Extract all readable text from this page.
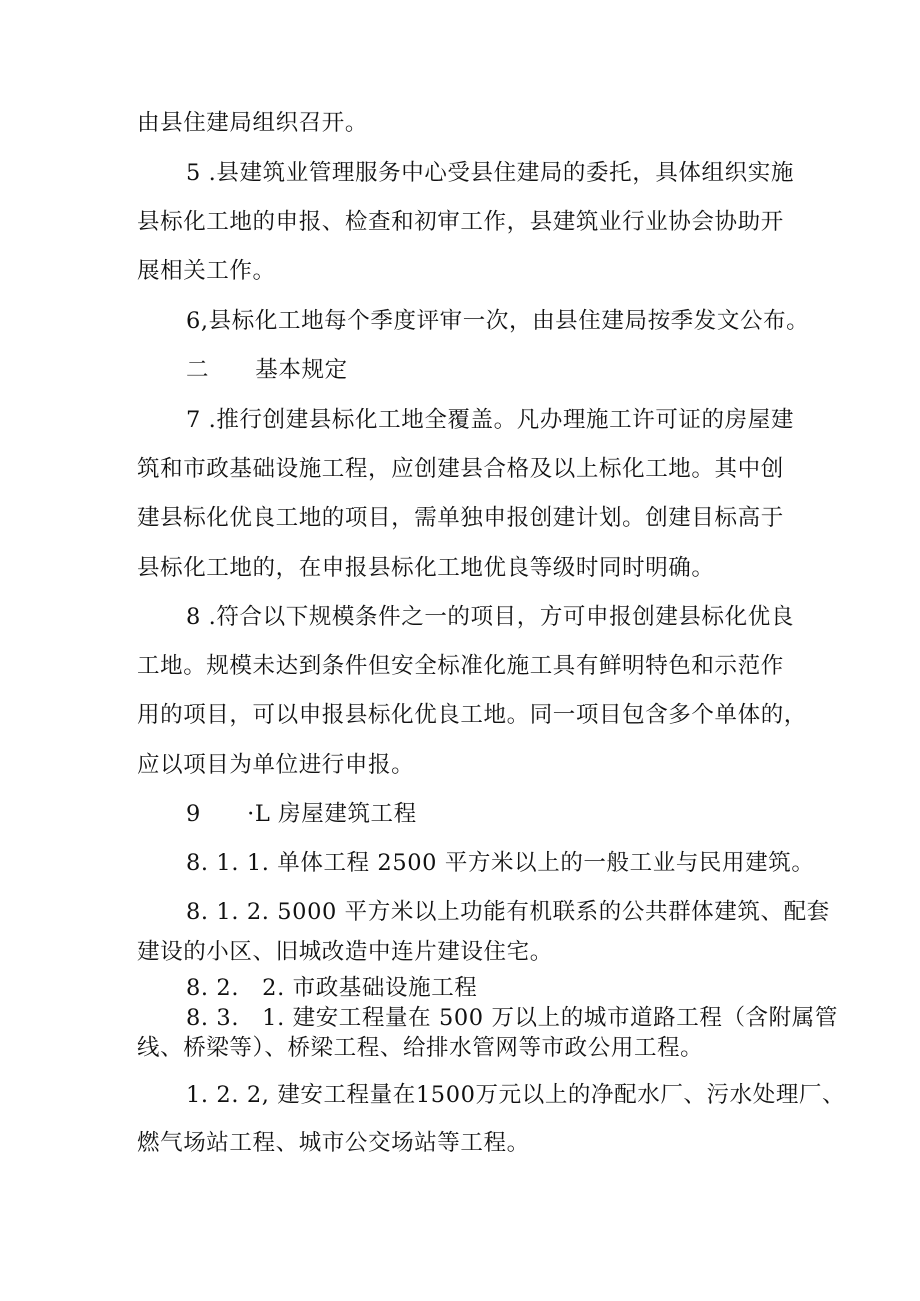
由县住建局组织召开。
5 .县建筑业管理服务中心受县住建局的委托，具体组织实施
县标化工地的申报、检查和初审工作，县建筑业行业协会协助开
展相关工作。
6,县标化工地每个季度评审一次，由县住建局按季发文公布。
二　　基本规定
7 .推行创建县标化工地全覆盖。凡办理施工许可证的房屋建
筑和市政基础设施工程，应创建县合格及以上标化工地。其中创
建县标化优良工地的项目，需单独申报创建计划。创建目标高于
县标化工地的，在申报县标化工地优良等级时同时明确。
8 .符合以下规模条件之一的项目，方可申报创建县标化优良
工地。规模未达到条件但安全标准化施工具有鲜明特色和示范作
用的项目，可以申报县标化优良工地。同一项目包含多个单体的，
应以项目为单位进行申报。
9　　·L 房屋建筑工程
8. 1. 1. 单体工程 2500 平方米以上的一般工业与民用建筑。
8. 1. 2. 5000 平方米以上功能有机联系的公共群体建筑、配套
建设的小区、旧城改造中连片建设住宅。
8. 2.　2. 市政基础设施工程
8. 3.　1. 建安工程量在 500 万以上的城市道路工程（含附属管
线、桥梁等）、桥梁工程、给排水管网等市政公用工程。
1. 2. 2, 建安工程量在1500万元以上的净配水厂、污水处理厂、
燃气场站工程、城市公交场站等工程。
